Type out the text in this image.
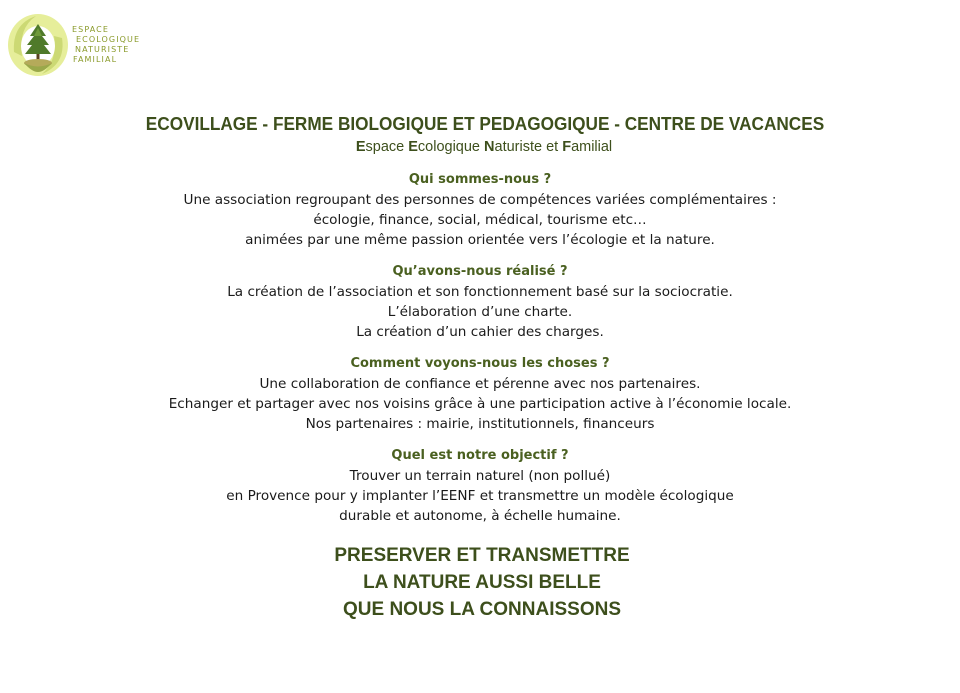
ESPACE
ECOLOGIQUE
NATURISTE
FAMILIAL
ECOVILLAGE - FERME BIOLOGIQUE ET PEDAGOGIQUE - CENTRE DE VACANCES
Espace Ecologique Naturiste et Familial
Qui sommes-nous ?
Une association regroupant des personnes de compétences variées complémentaires :
écologie, finance, social, médical, tourisme etc…
animées par une même passion orientée vers l’écologie et la nature.
Qu’avons-nous réalisé ?
La création de l’association et son fonctionnement basé sur la sociocratie.
L’élaboration d’une charte.
La création d’un cahier des charges.
Comment voyons-nous les choses ?
Une collaboration de confiance et pérenne avec nos partenaires.
Echanger et partager avec nos voisins grâce à une participation active à l’économie locale.
Nos partenaires : mairie, institutionnels, financeurs
Quel est notre objectif ?
Trouver un terrain naturel (non pollué)
en Provence pour y implanter l’EENF et transmettre un modèle écologique
durable et autonome, à échelle humaine.
PRESERVER ET TRANSMETTRE
LA NATURE AUSSI BELLE
QUE NOUS LA CONNAISSONS
